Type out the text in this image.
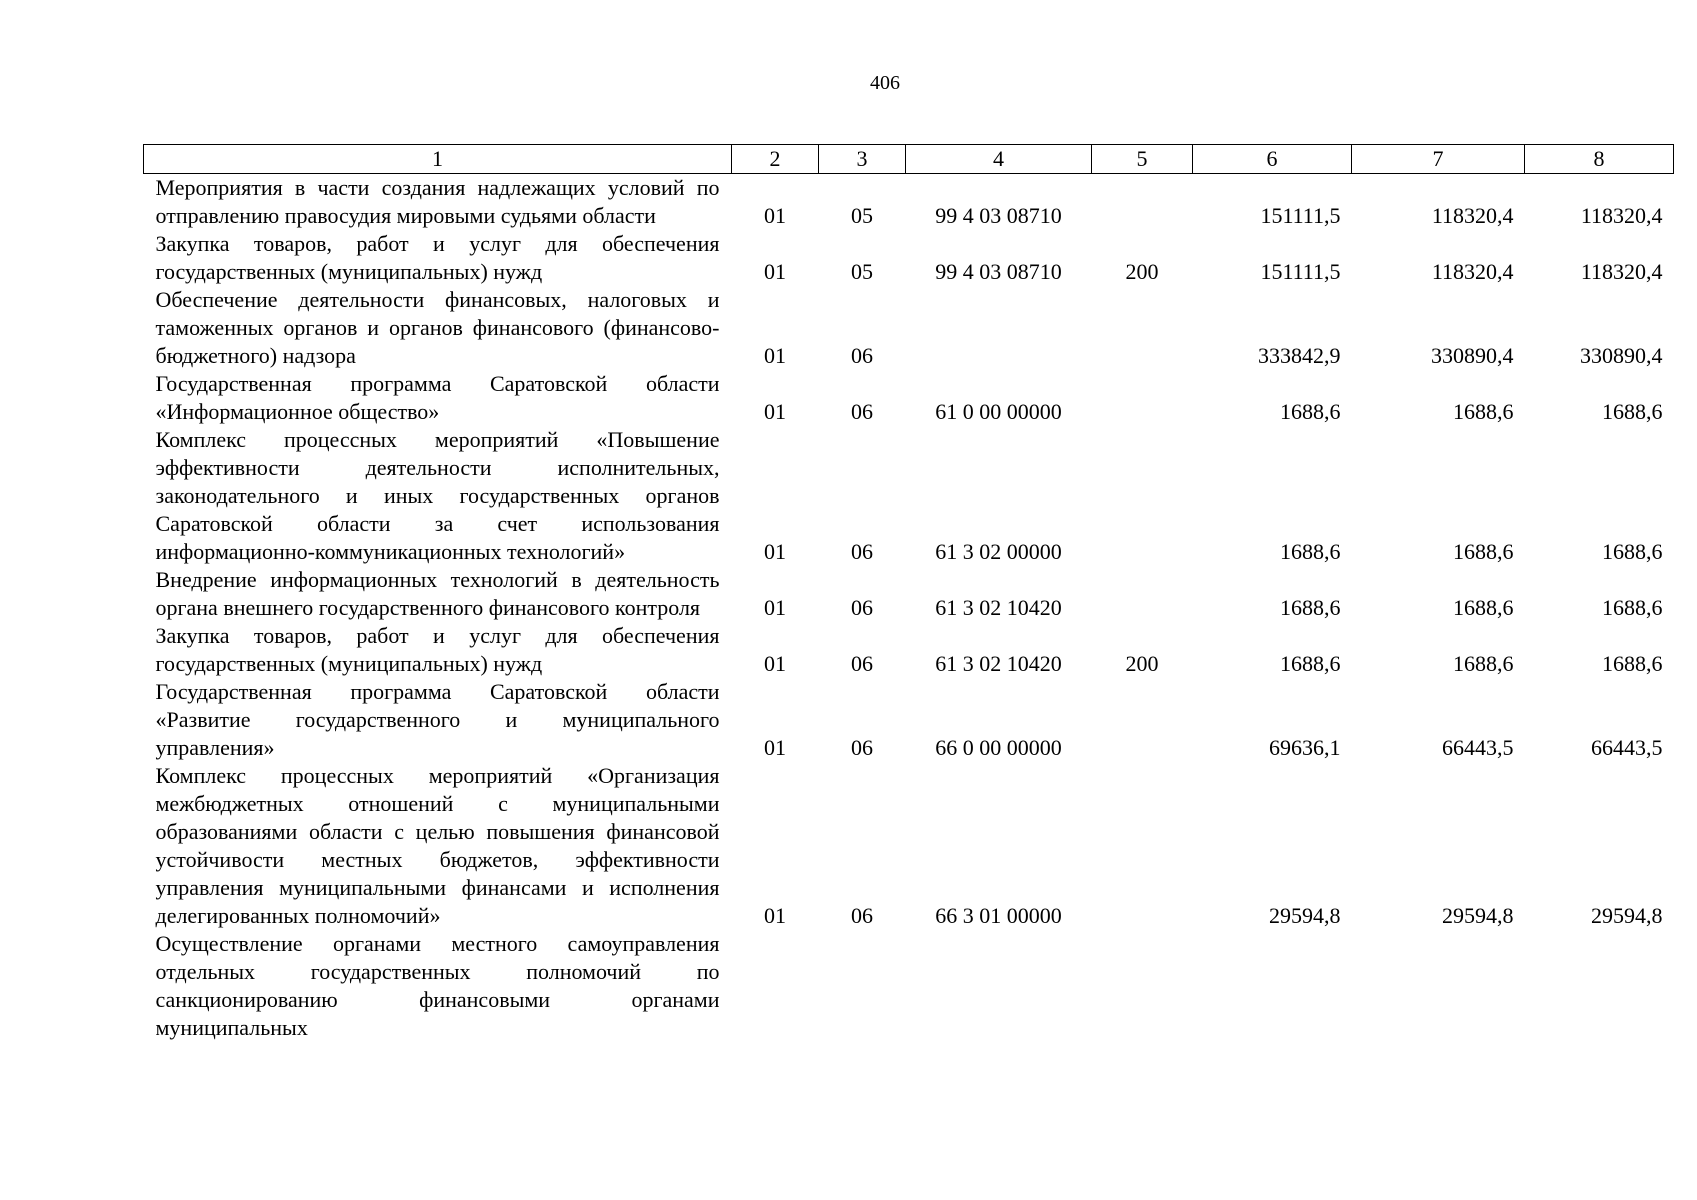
406
1	2	3	4	5	6	7	8
Мероприятия в части создания надлежащих условий по отправлению правосудия мировыми судьями области	01	05	99 4 03 08710		151111,5	118320,4	118320,4
Закупка товаров, работ и услуг для обеспечения государственных (муниципальных) нужд	01	05	99 4 03 08710	200	151111,5	118320,4	118320,4
Обеспечение деятельности финансовых, налоговых и таможенных органов и органов финансового (финансово-бюджетного) надзора	01	06			333842,9	330890,4	330890,4
Государственная программа Саратовской области «Информационное общество»	01	06	61 0 00 00000		1688,6	1688,6	1688,6
Комплекс процессных мероприятий «Повышение эффективности деятельности исполнительных, законодательного и иных государственных органов Саратовской области за счет использования информационно-коммуникационных технологий»	01	06	61 3 02 00000		1688,6	1688,6	1688,6
Внедрение информационных технологий в деятельность органа внешнего государственного финансового контроля	01	06	61 3 02 10420		1688,6	1688,6	1688,6
Закупка товаров, работ и услуг для обеспечения государственных (муниципальных) нужд	01	06	61 3 02 10420	200	1688,6	1688,6	1688,6
Государственная программа Саратовской области «Развитие государственного и муниципального управления»	01	06	66 0 00 00000		69636,1	66443,5	66443,5
Комплекс процессных мероприятий «Организация межбюджетных отношений с муниципальными образованиями области с целью повышения финансовой устойчивости местных бюджетов, эффективности управления муниципальными финансами и исполнения делегированных полномочий»	01	06	66 3 01 00000		29594,8	29594,8	29594,8
Осуществление органами местного самоуправления отдельных государственных полномочий по санкционированию финансовыми органами муниципальных							
